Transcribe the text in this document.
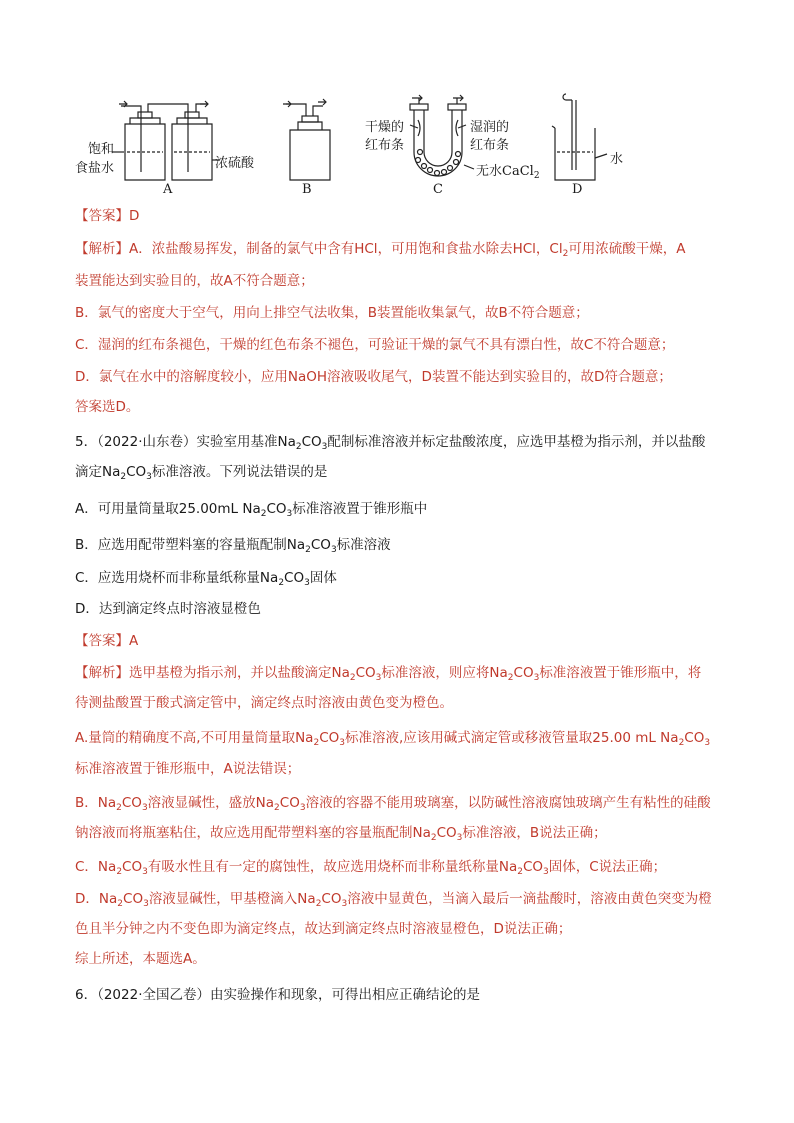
饱和
食盐水	浓硫酸
A	B
干燥的
红布条
湿润的
红布条
无水CaCl$_2$
C
水
D
【答案】D
【解析】A．浓盐酸易挥发，制备的氯气中含有HCl，可用饱和食盐水除去HCl，$Cl_2$可用浓硫酸干燥，A
装置能达到实验目的，故A不符合题意；
B．氯气的密度大于空气，用向上排空气法收集，B装置能收集氯气，故B不符合题意；
C．湿润的红布条褪色，干燥的红色布条不褪色，可验证干燥的氯气不具有漂白性，故C不符合题意；
D．氯气在水中的溶解度较小，应用NaOH溶液吸收尾气，D装置不能达到实验目的，故D符合题意；
答案选D。
5．（2022·山东卷）实验室用基准$Na_2CO_3$配制标准溶液并标定盐酸浓度，应选甲基橙为指示剂，并以盐酸
滴定$Na_2CO_3$标准溶液。下列说法错误的是
A．可用量筒量取25.00mL $Na_2CO_3$标准溶液置于锥形瓶中
B．应选用配带塑料塞的容量瓶配制$Na_2CO_3$标准溶液
C．应选用烧杯而非称量纸称量$Na_2CO_3$固体
D．达到滴定终点时溶液显橙色
【答案】A
【解析】选甲基橙为指示剂，并以盐酸滴定$Na_2CO_3$标准溶液，则应将$Na_2CO_3$标准溶液置于锥形瓶中，将
待测盐酸置于酸式滴定管中，滴定终点时溶液由黄色变为橙色。
A.量筒的精确度不高,不可用量筒量取$Na_2CO_3$标准溶液,应该用碱式滴定管或移液管量取25.00 mL $Na_2CO_3$
标准溶液置于锥形瓶中，A说法错误；
B．$Na_2CO_3$溶液显碱性，盛放$Na_2CO_3$溶液的容器不能用玻璃塞，以防碱性溶液腐蚀玻璃产生有粘性的硅酸
钠溶液而将瓶塞粘住，故应选用配带塑料塞的容量瓶配制$Na_2CO_3$标准溶液，B说法正确；
C．$Na_2CO_3$有吸水性且有一定的腐蚀性，故应选用烧杯而非称量纸称量$Na_2CO_3$固体，C说法正确；
D．$Na_2CO_3$溶液显碱性，甲基橙滴入$Na_2CO_3$溶液中显黄色，当滴入最后一滴盐酸时，溶液由黄色突变为橙
色且半分钟之内不变色即为滴定终点，故达到滴定终点时溶液显橙色，D说法正确；
综上所述，本题选A。
6．（2022·全国乙卷）由实验操作和现象，可得出相应正确结论的是
